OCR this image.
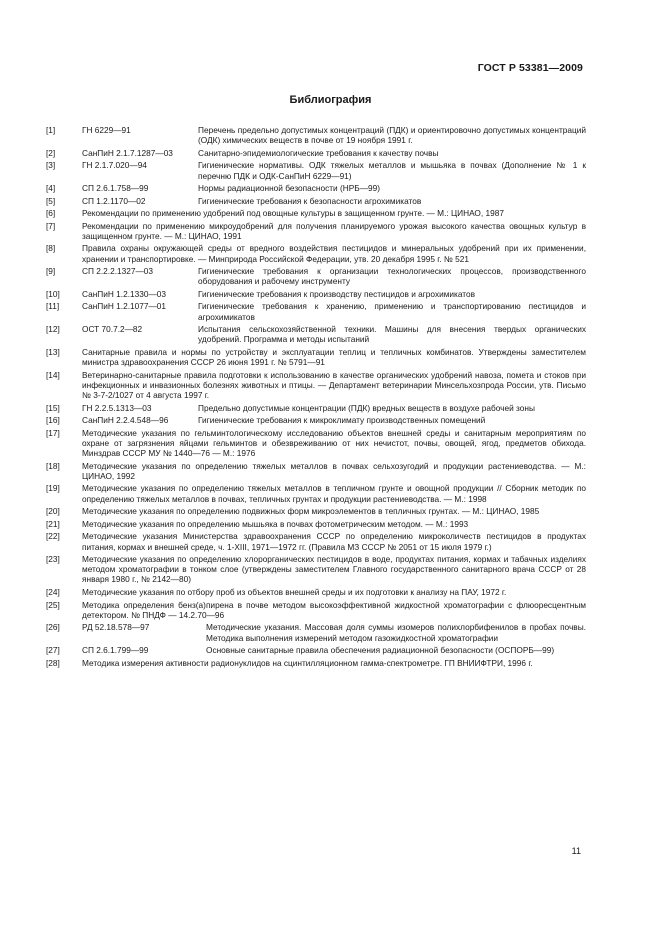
ГОСТ Р 53381—2009
Библиография
[1]	ГН 6229—91	Перечень предельно допустимых концентраций (ПДК) и ориентировочно допустимых концентраций (ОДК) химических веществ в почве от 19 ноября 1991 г.
[2]	СанПиН 2.1.7.1287—03	Санитарно-эпидемиологические требования к качеству почвы
[3]	ГН 2.1.7.020—94	Гигиенические нормативы. ОДК тяжелых металлов и мышьяка в почвах (Дополнение № 1 к перечню ПДК и ОДК-СанПиН 6229—91)
[4]	СП 2.6.1.758—99	Нормы радиационной безопасности (НРБ—99)
[5]	СП 1.2.1170—02	Гигиенические требования к безопасности агрохимикатов
[6]	Рекомендации по применению удобрений под овощные культуры в защищенном грунте. — М.: ЦИНАО, 1987
[7]	Рекомендации по применению микроудобрений для получения планируемого урожая высокого качества овощных культур в защищенном грунте. — М.: ЦИНАО, 1991
[8]	Правила охраны окружающей среды от вредного воздействия пестицидов и минеральных удобрений при их применении, хранении и транспортировке. — Минприрода Российской Федерации, утв. 20 декабря 1995 г. № 521
[9]	СП 2.2.2.1327—03	Гигиенические требования к организации технологических процессов, производственного оборудования и рабочему инструменту
[10]	СанПиН 1.2.1330—03	Гигиенические требования к производству пестицидов и агрохимикатов
[11]	СанПиН 1.2.1077—01	Гигиенические требования к хранению, применению и транспортированию пестицидов и агрохимикатов
[12]	ОСТ 70.7.2—82	Испытания сельскохозяйственной техники. Машины для внесения твердых органических удобрений. Программа и методы испытаний
[13]	Санитарные правила и нормы по устройству и эксплуатации теплиц и тепличных комбинатов. Утверждены заместителем министра здравоохранения СССР 26 июня 1991 г. № 5791—91
[14]	Ветеринарно-санитарные правила подготовки к использованию в качестве органических удобрений навоза, помета и стоков при инфекционных и инвазионных болезнях животных и птицы. — Департамент ветеринарии Минсельхозпрода России, утв. Письмо № 3-7-2/1027 от 4 августа 1997 г.
[15]	ГН 2.2.5.1313—03	Предельно допустимые концентрации (ПДК) вредных веществ в воздухе рабочей зоны
[16]	СанПиН 2.2.4.548—96	Гигиенические требования к микроклимату производственных помещений
[17]	Методические указания по гельминтологическому исследованию объектов внешней среды и санитарным мероприятиям по охране от загрязнения яйцами гельминтов и обезвреживанию от них нечистот, почвы, овощей, ягод, предметов обихода. Минздрав СССР МУ № 1440—76 — М.: 1976
[18]	Методические указания по определению тяжелых металлов в почвах сельхозугодий и продукции растениеводства. — М.: ЦИНАО, 1992
[19]	Методические указания по определению тяжелых металлов в тепличном грунте и овощной продукции // Сборник методик по определению тяжелых металлов в почвах, тепличных грунтах и продукции растениеводства. — М.: 1998
[20]	Методические указания по определению подвижных форм микроэлементов в тепличных грунтах. — М.: ЦИНАО, 1985
[21]	Методические указания по определению мышьяка в почвах фотометрическим методом. — М.: 1993
[22]	Методические указания Министерства здравоохранения СССР по определению микроколичеств пестицидов в продуктах питания, кормах и внешней среде, ч. 1-XIII, 1971—1972 гг. (Правила МЗ СССР № 2051 от 15 июля 1979 г.)
[23]	Методические указания по определению хлорорганических пестицидов в воде, продуктах питания, кормах и табачных изделиях методом хроматографии в тонком слое (утверждены заместителем Главного государственного санитарного врача СССР от 28 января 1980 г., № 2142—80)
[24]	Методические указания по отбору проб из объектов внешней среды и их подготовки к анализу на ПАУ, 1972 г.
[25]	Методика определения бенз(а)пирена в почве методом высокоэффективной жидкостной хроматографии с флюоресцентным детектором. № ПНДФ — 14.2.70—96
[26]	РД 52.18.578—97	Методические указания. Массовая доля суммы изомеров полихлорбифенилов в пробах почвы. Методика выполнения измерений методом газожидкостной хроматографии
[27]	СП 2.6.1.799—99	Основные санитарные правила обеспечения радиационной безопасности (ОСПОРБ—99)
[28]	Методика измерения активности радионуклидов на сцинтилляционном гамма-спектрометре. ГП ВНИИФТРИ, 1996 г.
11
